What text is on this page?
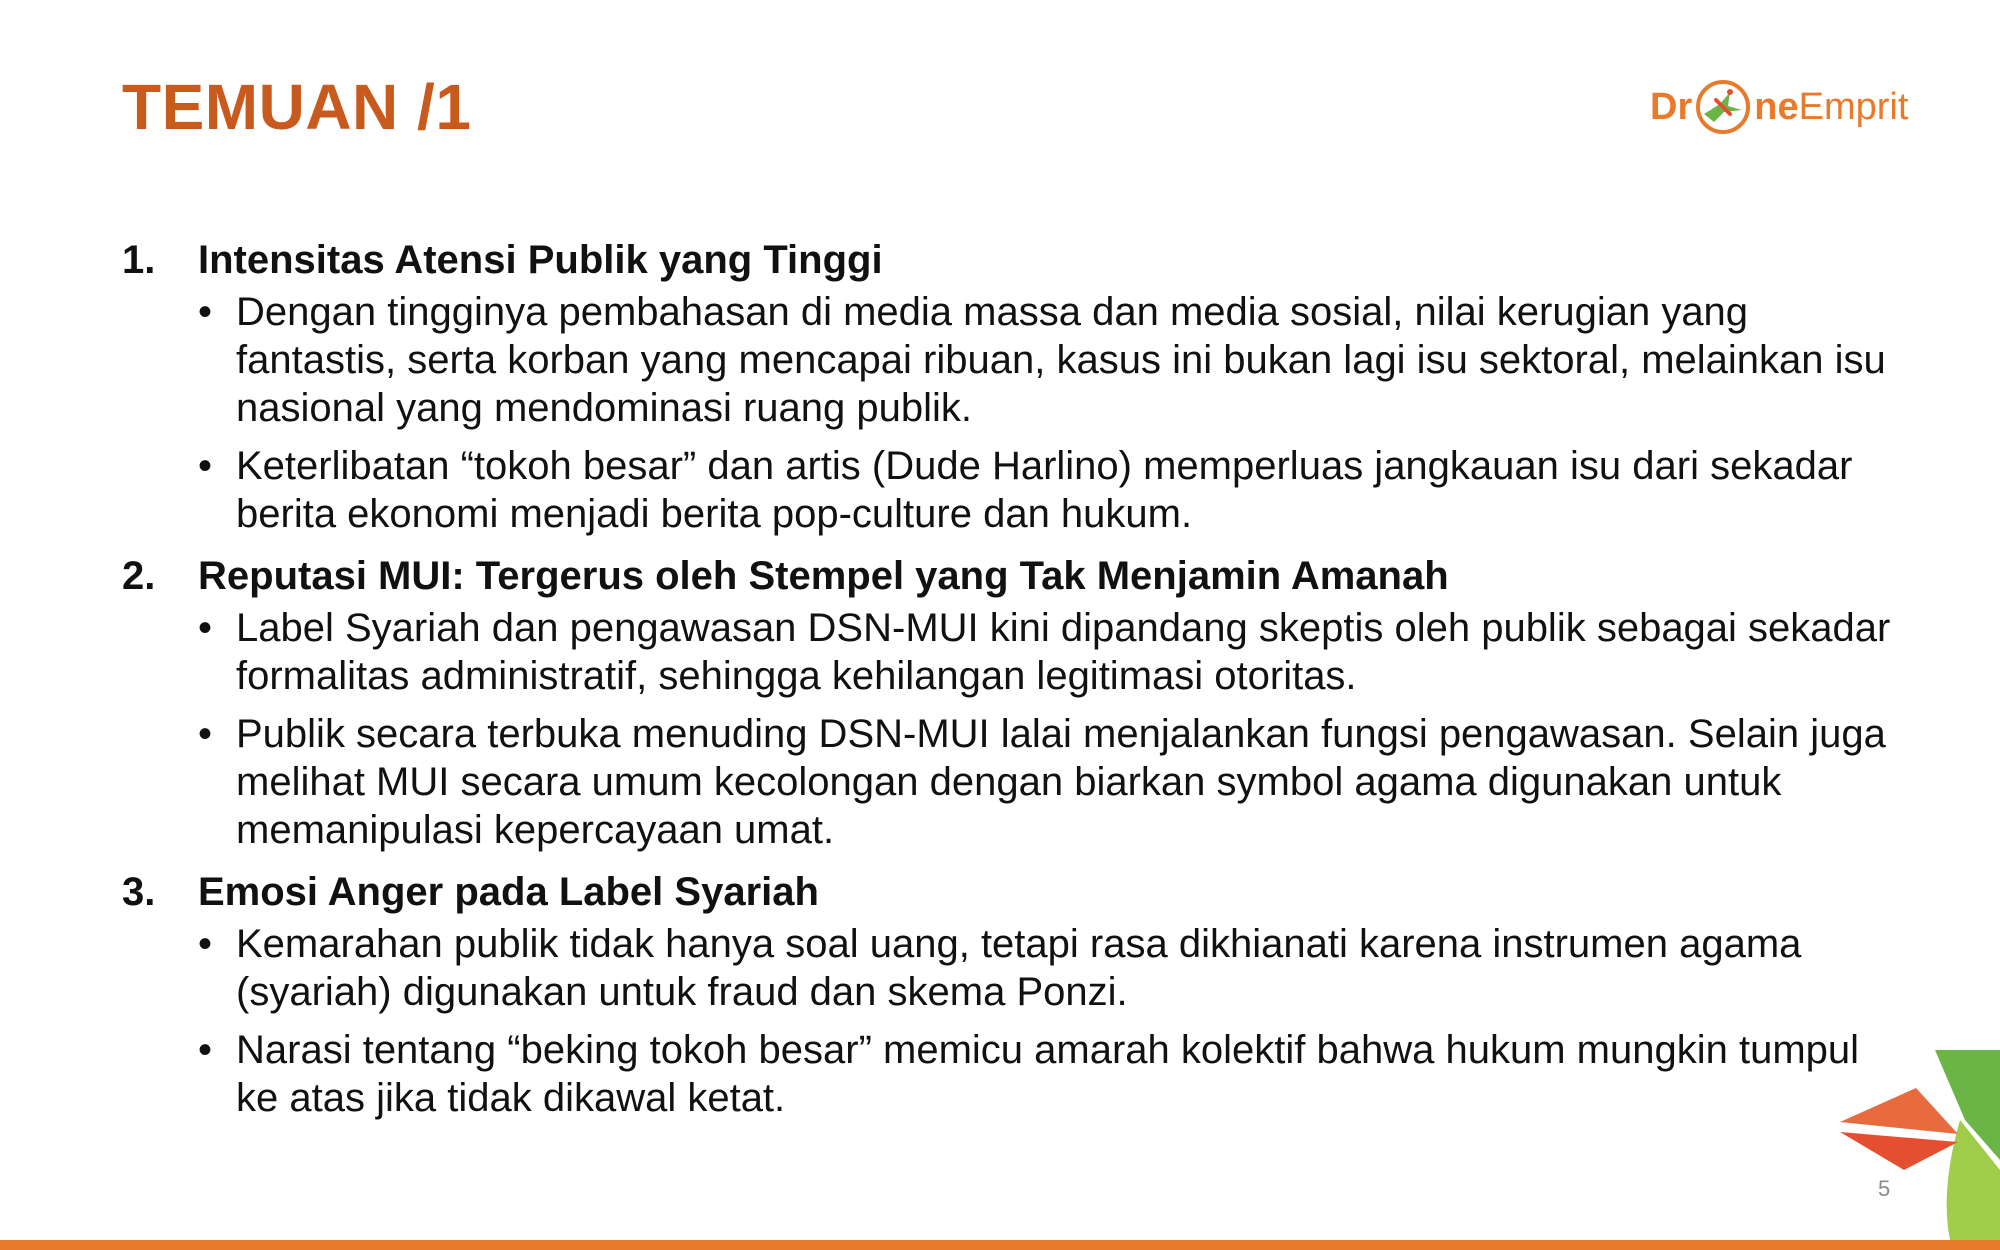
TEMUAN /1	Dr ne Emprit
1.	Intensitas Atensi Publik yang Tinggi
• Dengan tingginya pembahasan di media massa dan media sosial, nilai kerugian yang fantastis, serta korban yang mencapai ribuan, kasus ini bukan lagi isu sektoral, melainkan isu nasional yang mendominasi ruang publik.
• Keterlibatan “tokoh besar” dan artis (Dude Harlino) memperluas jangkauan isu dari sekadar berita ekonomi menjadi berita pop-culture dan hukum.
2.	Reputasi MUI: Tergerus oleh Stempel yang Tak Menjamin Amanah
• Label Syariah dan pengawasan DSN-MUI kini dipandang skeptis oleh publik sebagai sekadar formalitas administratif, sehingga kehilangan legitimasi otoritas.
• Publik secara terbuka menuding DSN-MUI lalai menjalankan fungsi pengawasan. Selain juga melihat MUI secara umum kecolongan dengan biarkan symbol agama digunakan untuk memanipulasi kepercayaan umat.
3.	Emosi Anger pada Label Syariah
• Kemarahan publik tidak hanya soal uang, tetapi rasa dikhianati karena instrumen agama (syariah) digunakan untuk fraud dan skema Ponzi.
• Narasi tentang “beking tokoh besar” memicu amarah kolektif bahwa hukum mungkin tumpul ke atas jika tidak dikawal ketat.
5
